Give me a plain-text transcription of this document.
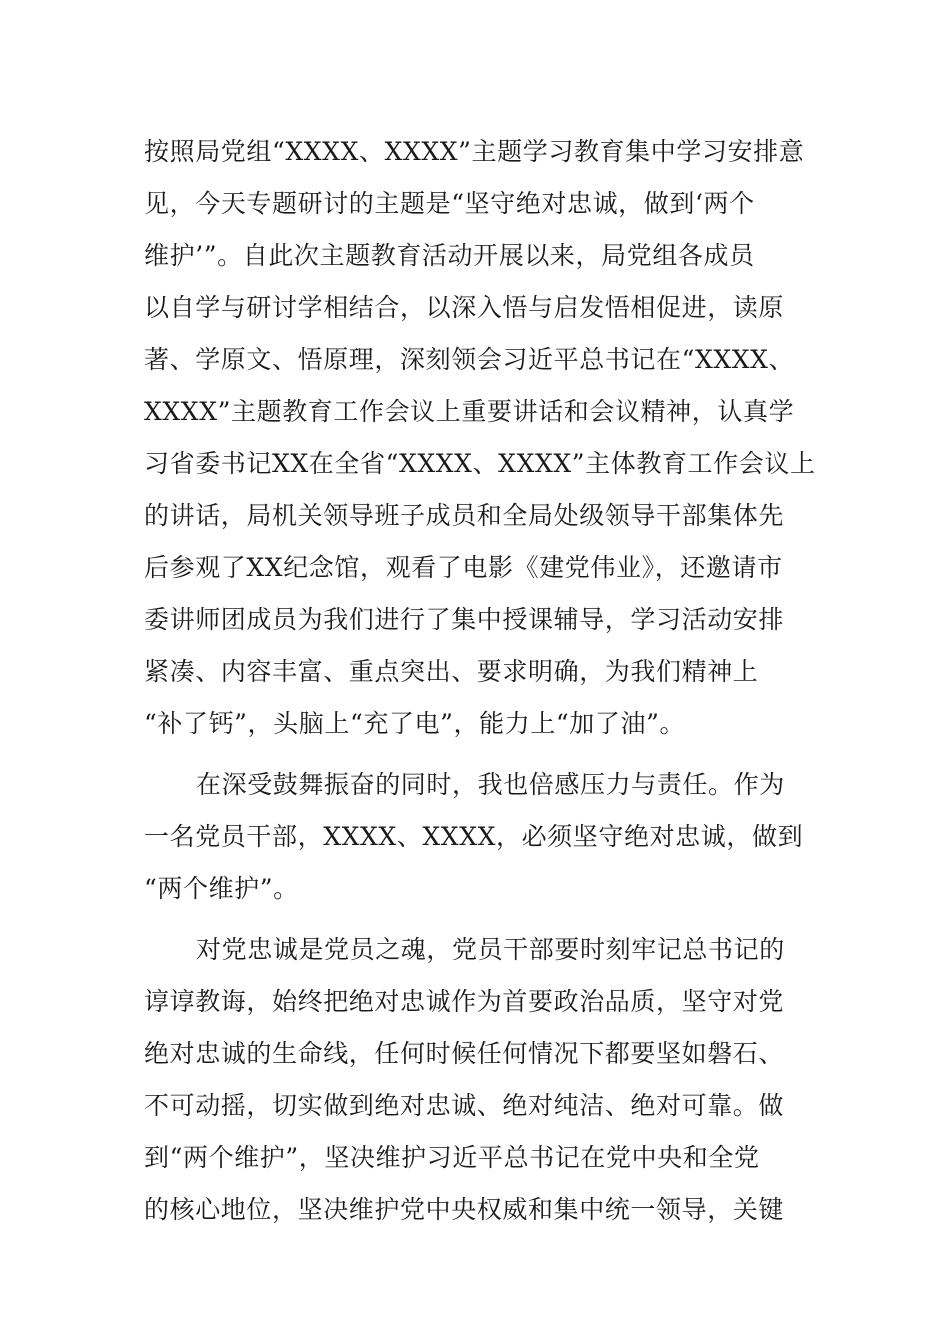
按照局党组“XXXX、XXXX”主题学习教育集中学习安排意
见，今天专题研讨的主题是“坚守绝对忠诚，做到‘两个
维护’”。自此次主题教育活动开展以来，局党组各成员
以自学与研讨学相结合，以深入悟与启发悟相促进，读原
著、学原文、悟原理，深刻领会习近平总书记在“XXXX、
XXXX”主题教育工作会议上重要讲话和会议精神，认真学
习省委书记XX在全省“XXXX、XXXX”主体教育工作会议上
的讲话，局机关领导班子成员和全局处级领导干部集体先
后参观了XX纪念馆，观看了电影《建党伟业》，还邀请市
委讲师团成员为我们进行了集中授课辅导，学习活动安排
紧凑、内容丰富、重点突出、要求明确，为我们精神上
“补了钙”，头脑上“充了电”，能力上“加了油”。
在深受鼓舞振奋的同时，我也倍感压力与责任。作为
一名党员干部，XXXX、XXXX，必须坚守绝对忠诚，做到
“两个维护”。
对党忠诚是党员之魂，党员干部要时刻牢记总书记的
谆谆教诲，始终把绝对忠诚作为首要政治品质，坚守对党
绝对忠诚的生命线，任何时候任何情况下都要坚如磐石、
不可动摇，切实做到绝对忠诚、绝对纯洁、绝对可靠。做
到“两个维护”，坚决维护习近平总书记在党中央和全党
的核心地位，坚决维护党中央权威和集中统一领导，关键
